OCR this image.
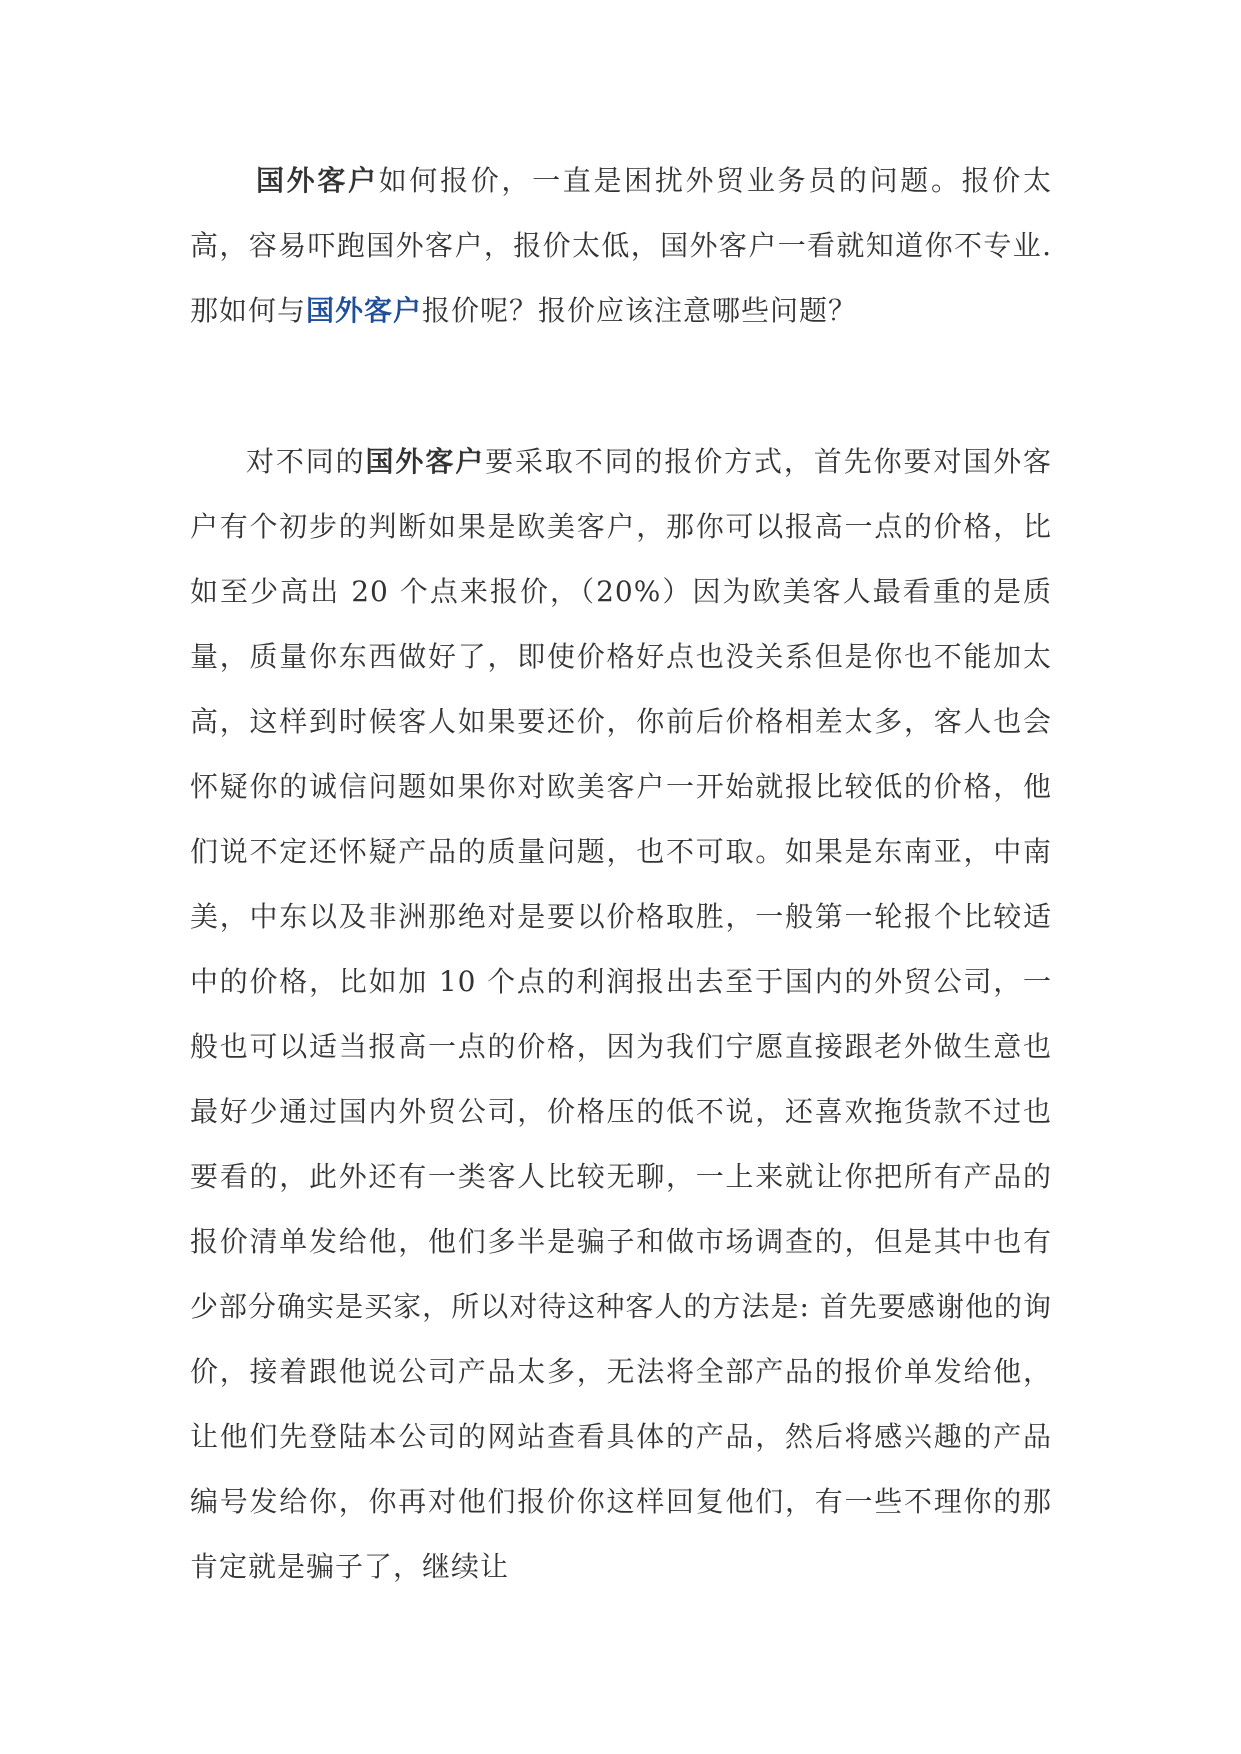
国外客户如何报价，一直是困扰外贸业务员的问题。报价太高，容易吓跑国外客户，报价太低，国外客户一看就知道你不专业.那如何与国外客户报价呢？报价应该注意哪些问题？

对不同的国外客户要采取不同的报价方式，首先你要对国外客户有个初步的判断如果是欧美客户，那你可以报高一点的价格，比如至少高出 20 个点来报价，（20%）因为欧美客人最看重的是质量，质量你东西做好了，即使价格好点也没关系但是你也不能加太高，这样到时候客人如果要还价，你前后价格相差太多，客人也会怀疑你的诚信问题如果你对欧美客户一开始就报比较低的价格，他们说不定还怀疑产品的质量问题，也不可取。如果是东南亚，中南美，中东以及非洲那绝对是要以价格取胜，一般第一轮报个比较适中的价格，比如加 10 个点的利润报出去至于国内的外贸公司，一般也可以适当报高一点的价格，因为我们宁愿直接跟老外做生意也最好少通过国内外贸公司，价格压的低不说，还喜欢拖货款不过也要看的，此外还有一类客人比较无聊，一上来就让你把所有产品的报价清单发给他，他们多半是骗子和做市场调查的，但是其中也有少部分确实是买家，所以对待这种客人的方法是: 首先要感谢他的询价，接着跟他说公司产品太多，无法将全部产品的报价单发给他，让他们先登陆本公司的网站查看具体的产品，然后将感兴趣的产品编号发给你，你再对他们报价你这样回复他们，有一些不理你的那肯定就是骗子了，继续让
